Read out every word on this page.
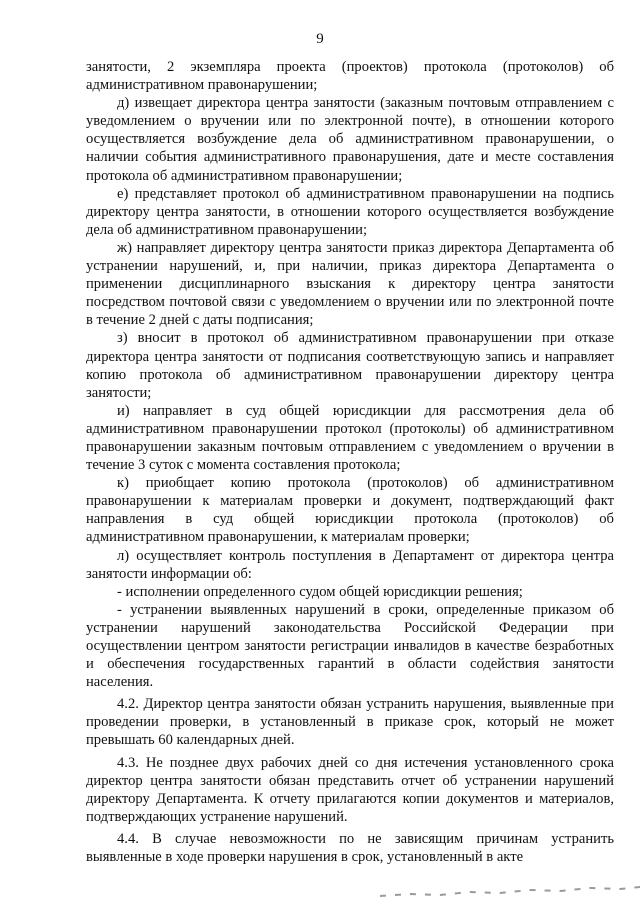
9

занятости, 2 экземпляра проекта (проектов) протокола (протоколов) об административном правонарушении;

д) извещает директора центра занятости (заказным почтовым отправлением с уведомлением о вручении или по электронной почте), в отношении которого осуществляется возбуждение дела об административном правонарушении, о наличии события административного правонарушения, дате и месте составления протокола об административном правонарушении;

е) представляет протокол об административном правонарушении на подпись директору центра занятости, в отношении которого осуществляется возбуждение дела об административном правонарушении;

ж) направляет директору центра занятости приказ директора Департамента об устранении нарушений, и, при наличии, приказ директора Департамента о применении дисциплинарного взыскания к директору центра занятости посредством почтовой связи с уведомлением о вручении или по электронной почте в течение 2 дней с даты подписания;

з) вносит в протокол об административном правонарушении при отказе директора центра занятости от подписания соответствующую запись и направляет копию протокола об административном правонарушении директору центра занятости;

и) направляет в суд общей юрисдикции для рассмотрения дела об административном правонарушении протокол (протоколы) об административном правонарушении заказным почтовым отправлением с уведомлением о вручении в течение 3 суток с момента составления протокола;

к) приобщает копию протокола (протоколов) об административном правонарушении к материалам проверки и документ, подтверждающий факт направления в суд общей юрисдикции протокола (протоколов) об административном правонарушении, к материалам проверки;

л) осуществляет контроль поступления в Департамент от директора центра занятости информации об:

- исполнении определенного судом общей юрисдикции решения;

- устранении выявленных нарушений в сроки, определенные приказом об устранении нарушений законодательства Российской Федерации при осуществлении центром занятости регистрации инвалидов в качестве безработных и обеспечения государственных гарантий в области содействия занятости населения.

4.2. Директор центра занятости обязан устранить нарушения, выявленные при проведении проверки, в установленный в приказе срок, который не может превышать 60 календарных дней.

4.3. Не позднее двух рабочих дней со дня истечения установленного срока директор центра занятости обязан представить отчет об устранении нарушений директору Департамента. К отчету прилагаются копии документов и материалов, подтверждающих устранение нарушений.

4.4. В случае невозможности по не зависящим причинам устранить выявленные в ходе проверки нарушения в срок, установленный в акте
